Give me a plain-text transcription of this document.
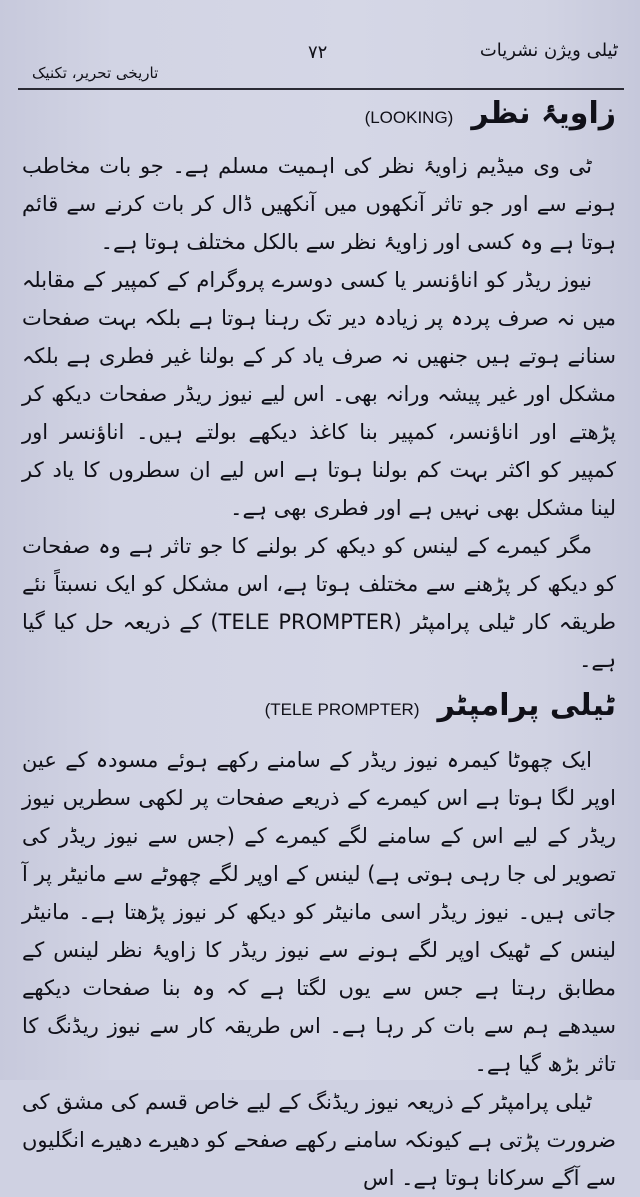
ٹیلی ویژن نشریات
۷۲
تاریخی تحریر، تکنیک
زاویۂ نظر
(LOOKING)

ٹی وی میڈیم زاویۂ نظر کی اہمیت مسلم ہے۔ جو بات مخاطب ہونے سے اور جو تاثر آنکھوں میں آنکھیں ڈال کر بات کرنے سے قائم ہوتا ہے وہ کسی اور زاویۂ نظر سے بالکل مختلف ہوتا ہے۔

نیوز ریڈر کو اناؤنسر یا کسی دوسرے پروگرام کے کمپیر کے مقابلہ میں نہ صرف پردہ پر زیادہ دیر تک رہنا ہوتا ہے بلکہ بہت صفحات سنانے ہوتے ہیں جنھیں نہ صرف یاد کر کے بولنا غیر فطری ہے بلکہ مشکل اور غیر پیشہ ورانہ بھی۔ اس لیے نیوز ریڈر صفحات دیکھ کر پڑھتے اور اناؤنسر، کمپیر بنا کاغذ دیکھے بولتے ہیں۔ اناؤنسر اور کمپیر کو اکثر بہت کم بولنا ہوتا ہے اس لیے ان سطروں کا یاد کر لینا مشکل بھی نہیں ہے اور فطری بھی ہے۔

مگر کیمرے کے لینس کو دیکھ کر بولنے کا جو تاثر ہے وہ صفحات کو دیکھ کر پڑھنے سے مختلف ہوتا ہے، اس مشکل کو ایک نسبتاً نئے طریقہ کار ٹیلی پرامپٹر (TELE PROMPTER) کے ذریعہ حل کیا گیا ہے۔

ٹیلی پرامپٹر
(TELE PROMPTER)

ایک چھوٹا کیمرہ نیوز ریڈر کے سامنے رکھے ہوئے مسودہ کے عین اوپر لگا ہوتا ہے اس کیمرے کے ذریعے صفحات پر لکھی سطریں نیوز ریڈر کے لیے اس کے سامنے لگے کیمرے کے (جس سے نیوز ریڈر کی تصویر لی جا رہی ہوتی ہے) لینس کے اوپر لگے چھوٹے سے مانیٹر پر آ جاتی ہیں۔ نیوز ریڈر اسی مانیٹر کو دیکھ کر نیوز پڑھتا ہے۔ مانیٹر لینس کے ٹھیک اوپر لگے ہونے سے نیوز ریڈر کا زاویۂ نظر لینس کے مطابق رہتا ہے جس سے یوں لگتا ہے کہ وہ بنا صفحات دیکھے سیدھے ہم سے بات کر رہا ہے۔ اس طریقہ کار سے نیوز ریڈنگ کا تاثر بڑھ گیا ہے۔

ٹیلی پرامپٹر کے ذریعہ نیوز ریڈنگ کے لیے خاص قسم کی مشق کی ضرورت پڑتی ہے کیونکہ سامنے رکھے صفحے کو دھیرے دھیرے انگلیوں سے آگے سرکانا ہوتا ہے۔ اس
